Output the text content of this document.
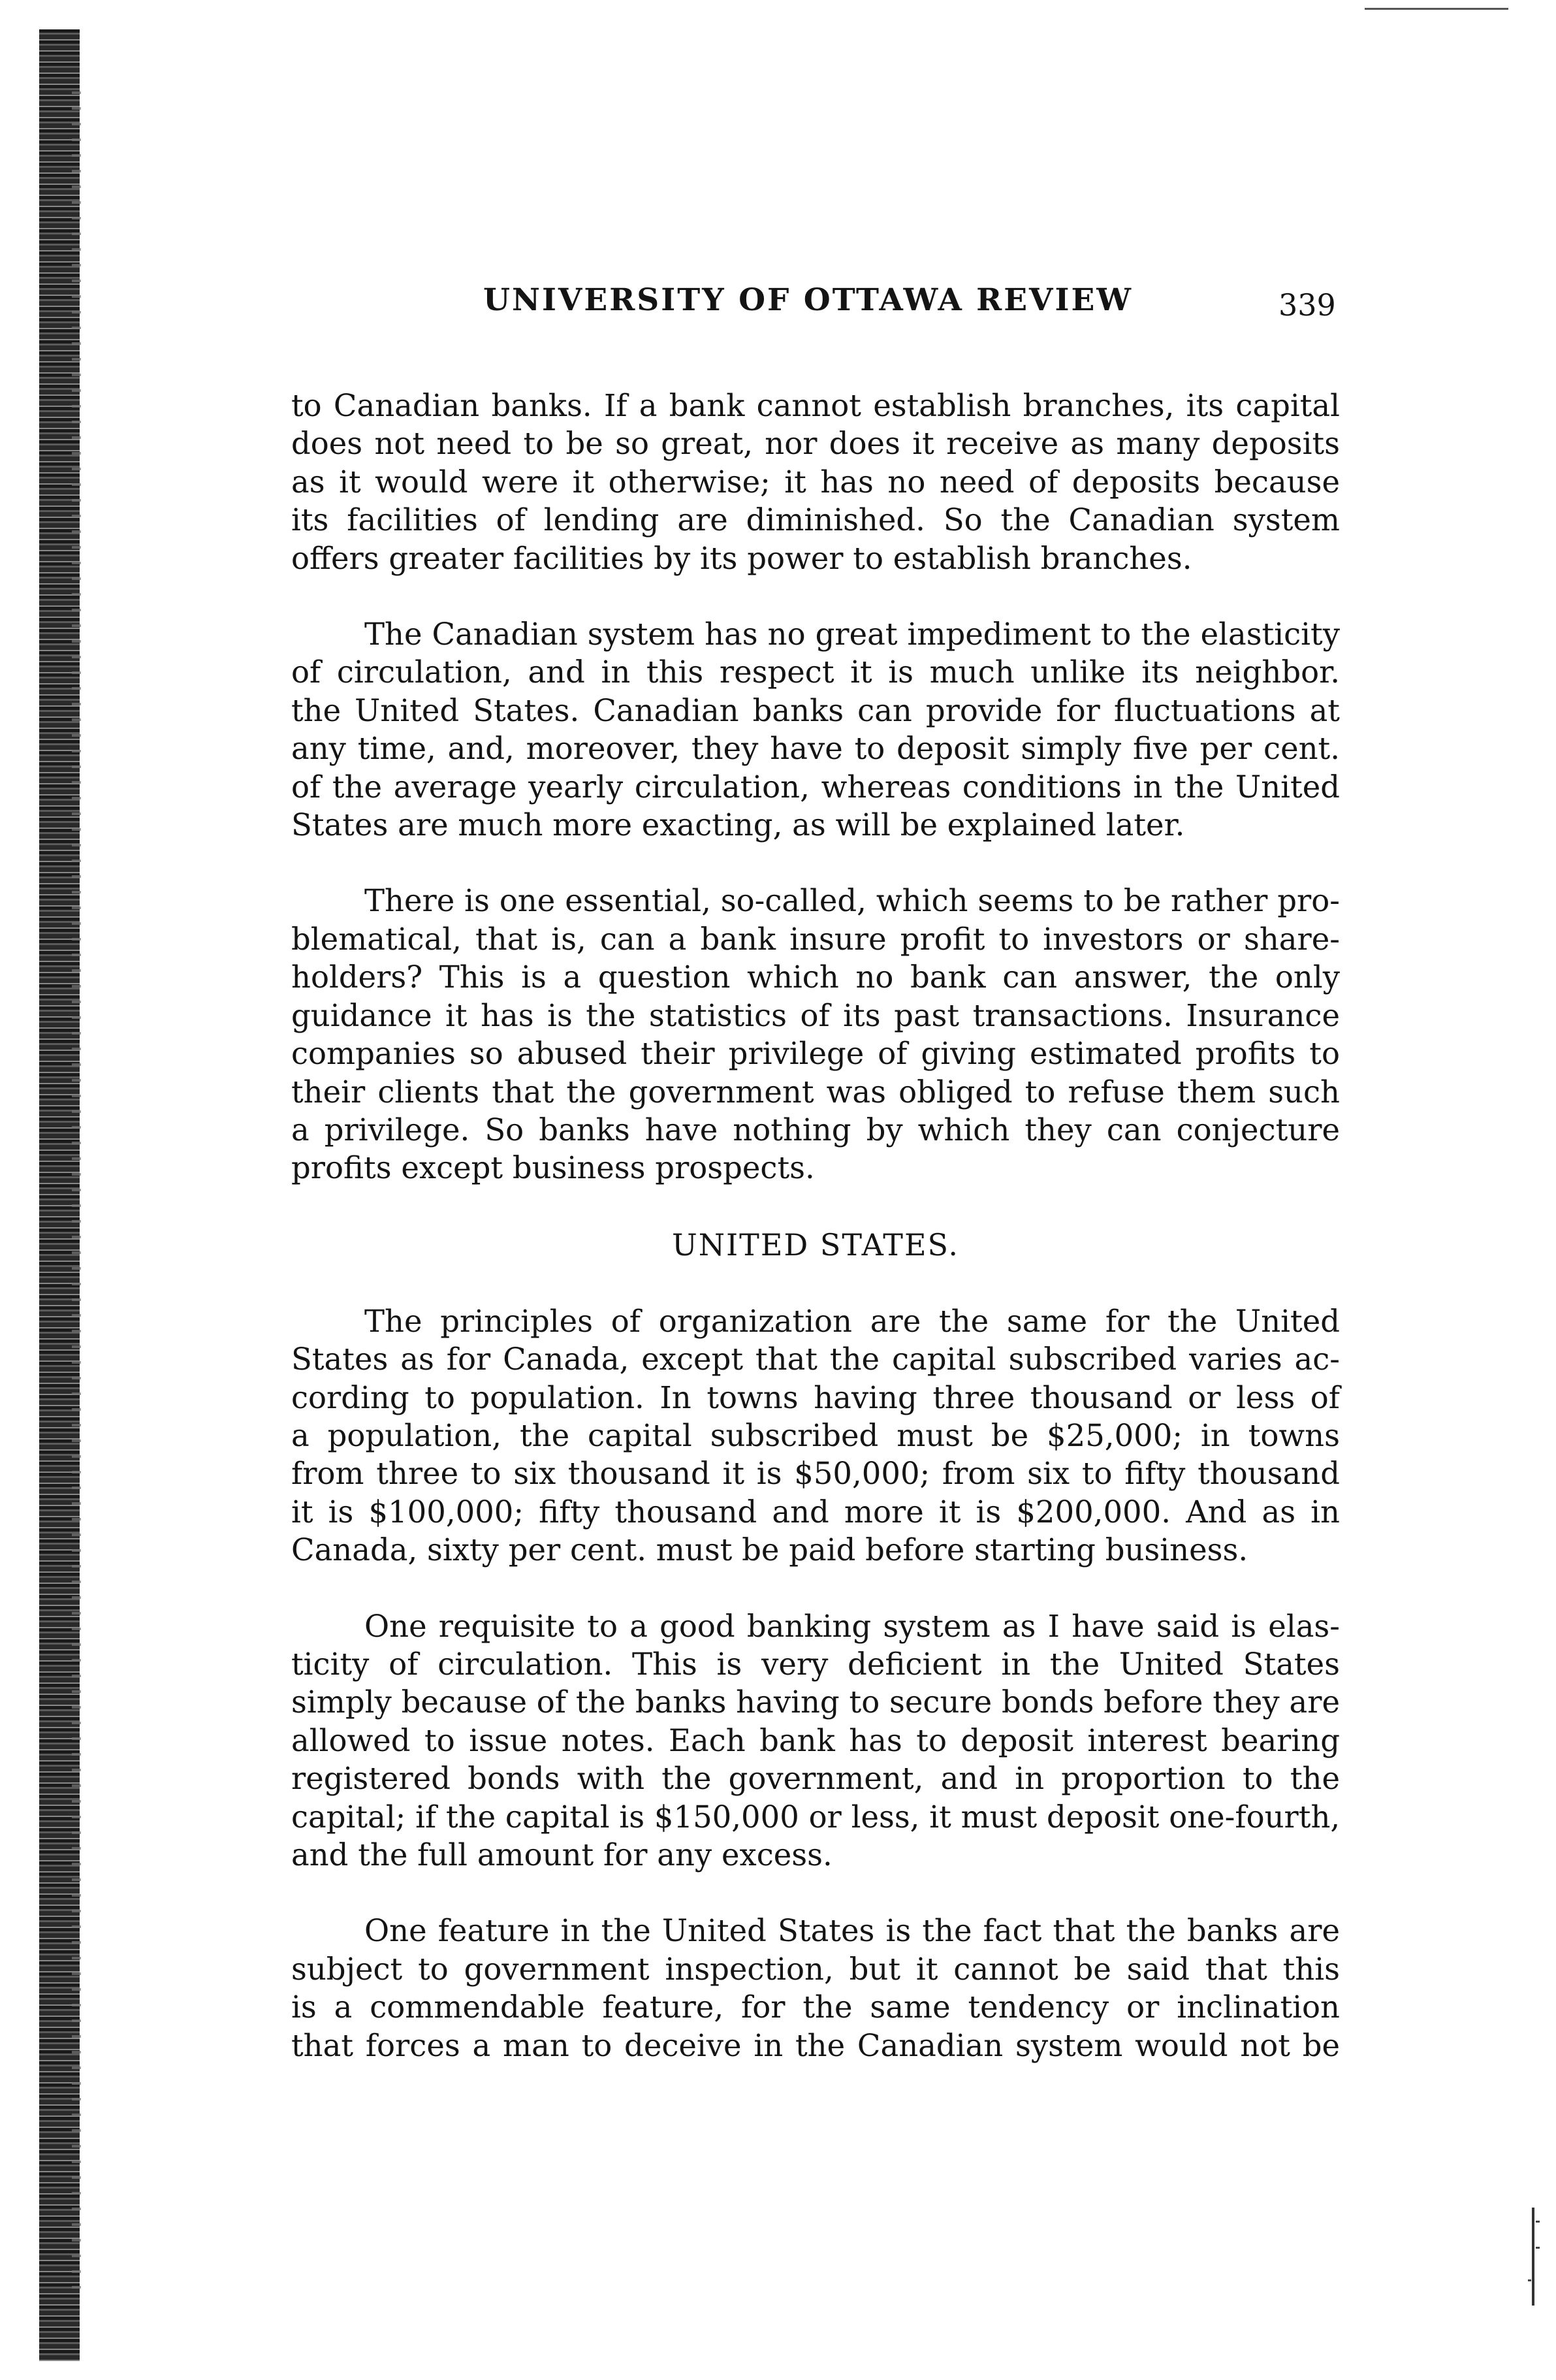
UNIVERSITY OF OTTAWA REVIEW	339
to Canadian banks. If a bank cannot establish branches, its capital
does not need to be so great, nor does it receive as many deposits
as it would were it otherwise; it has no need of deposits because
its facilities of lending are diminished. So the Canadian system
offers greater facilities by its power to establish branches.
The Canadian system has no great impediment to the elasticity
of circulation, and in this respect it is much unlike its neighbor.
the United States. Canadian banks can provide for fluctuations at
any time, and, moreover, they have to deposit simply five per cent.
of the average yearly circulation, whereas conditions in the United
States are much more exacting, as will be explained later.
There is one essential, so-called, which seems to be rather pro-
blematical, that is, can a bank insure profit to investors or share-
holders? This is a question which no bank can answer, the only
guidance it has is the statistics of its past transactions. Insurance
companies so abused their privilege of giving estimated profits to
their clients that the government was obliged to refuse them such
a privilege. So banks have nothing by which they can conjecture
profits except business prospects.
UNITED STATES.
The principles of organization are the same for the United
States as for Canada, except that the capital subscribed varies ac-
cording to population. In towns having three thousand or less of
a population, the capital subscribed must be $25,000; in towns
from three to six thousand it is $50,000; from six to fifty thousand
it is $100,000; fifty thousand and more it is $200,000. And as in
Canada, sixty per cent. must be paid before starting business.
One requisite to a good banking system as I have said is elas-
ticity of circulation. This is very deficient in the United States
simply because of the banks having to secure bonds before they are
allowed to issue notes. Each bank has to deposit interest bearing
registered bonds with the government, and in proportion to the
capital; if the capital is $150,000 or less, it must deposit one-fourth,
and the full amount for any excess.
One feature in the United States is the fact that the banks are
subject to government inspection, but it cannot be said that this
is a commendable feature, for the same tendency or inclination
that forces a man to deceive in the Canadian system would not be
